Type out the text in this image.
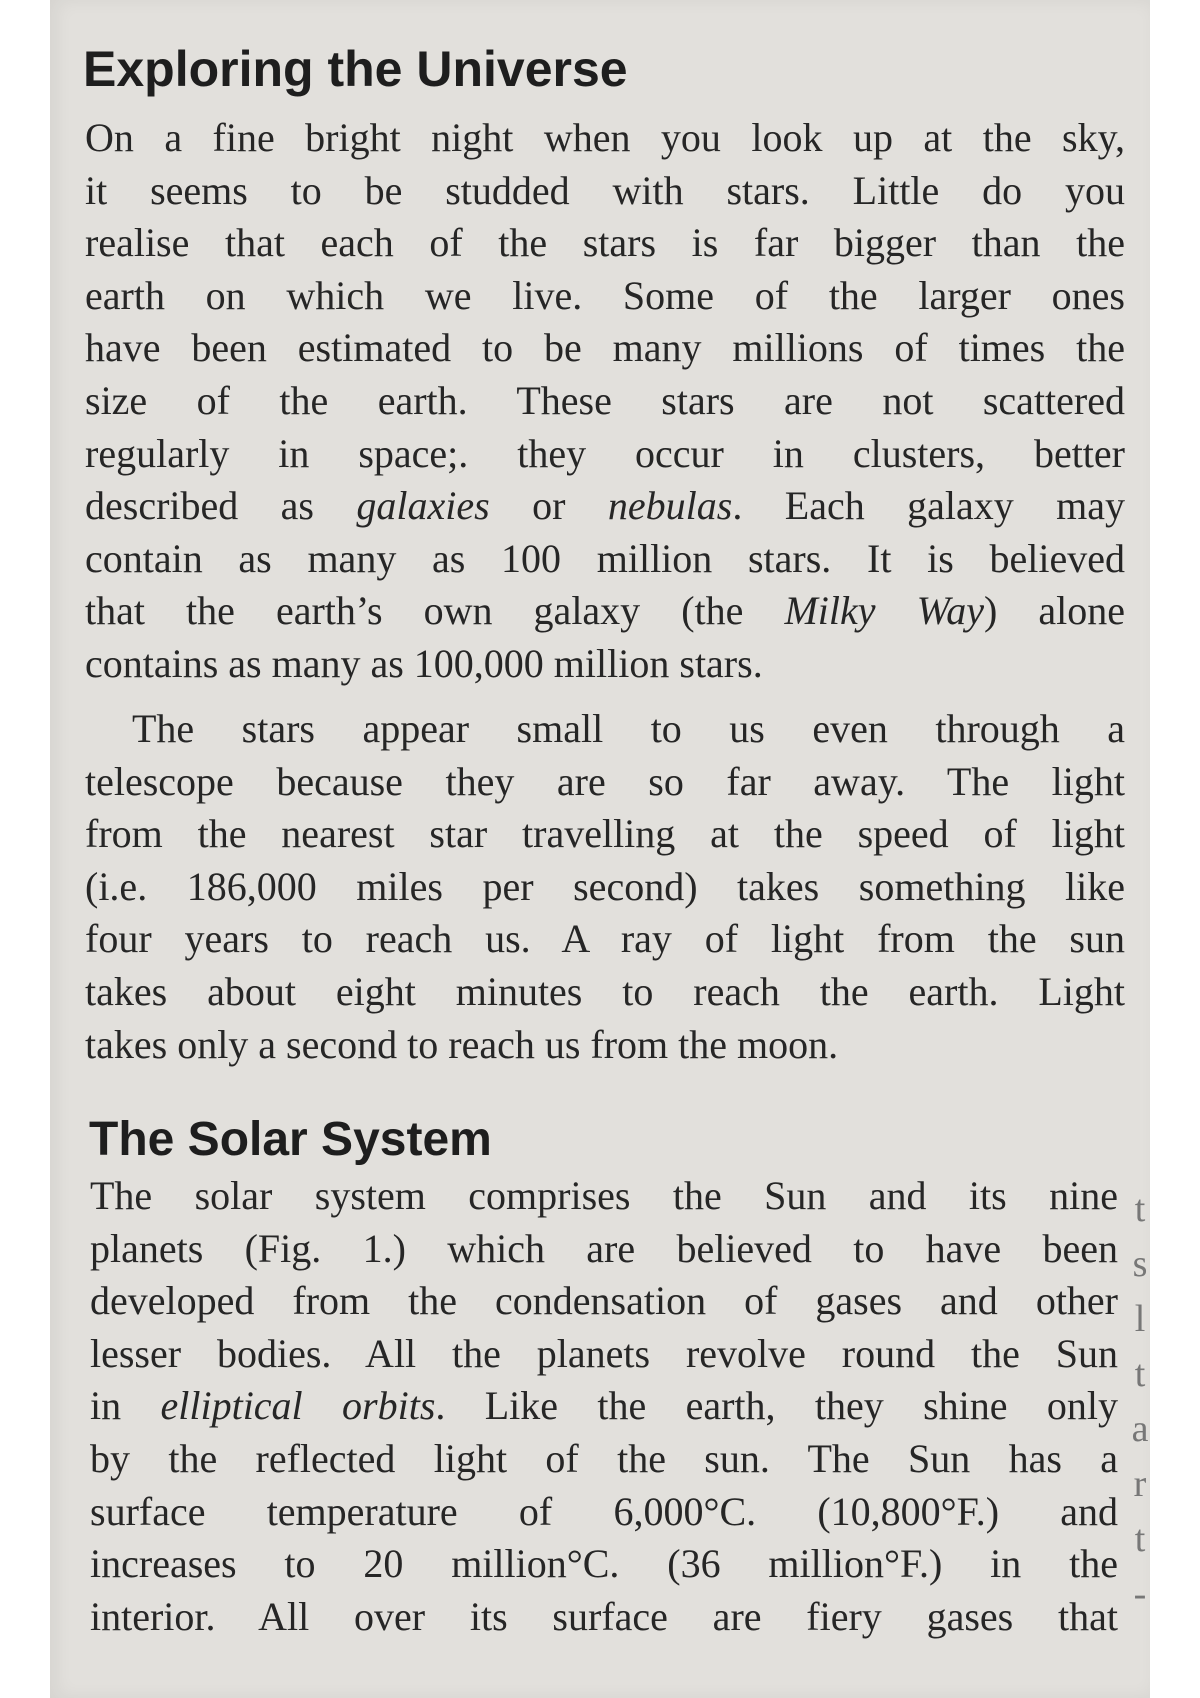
Exploring the Universe
On a fine bright night when you look up at the sky,
it seems to be studded with stars. Little do you
realise that each of the stars is far bigger than the
earth on which we live. Some of the larger ones
have been estimated to be many millions of times the
size of the earth. These stars are not scattered
regularly in space;. they occur in clusters, better
described as galaxies or nebulas. Each galaxy may
contain as many as 100 million stars. It is believed
that the earth’s own galaxy (the Milky Way) alone
contains as many as 100,000 million stars.
The stars appear small to us even through a
telescope because they are so far away. The light
from the nearest star travelling at the speed of light
(i.e. 186,000 miles per second) takes something like
four years to reach us. A ray of light from the sun
takes about eight minutes to reach the earth. Light
takes only a second to reach us from the moon.
The Solar System
The solar system comprises the Sun and its nine
planets (Fig. 1.) which are believed to have been
developed from the condensation of gases and other
lesser bodies. All the planets revolve round the Sun
in elliptical orbits. Like the earth, they shine only
by the reflected light of the sun. The Sun has a
surface temperature of 6,000°C. (10,800°F.) and
increases to 20 million°C. (36 million°F.) in the
interior. All over its surface are fiery gases that
t
s
l
t
a
r
t
-
